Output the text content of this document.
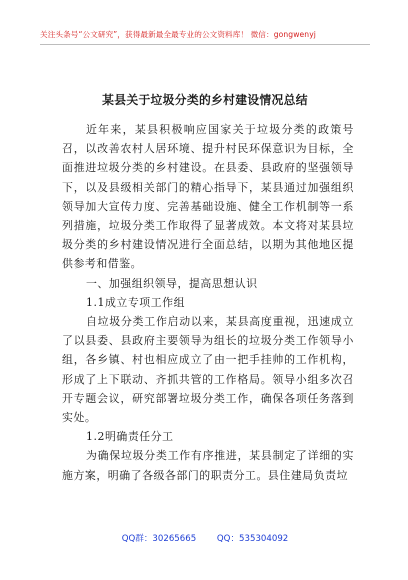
关注头条号“公文研究”，获得最新最全最专业的公文资料库！ 微信：gongwenyj
某县关于垃圾分类的乡村建设情况总结

近年来，某县积极响应国家关于垃圾分类的政策号召，以改善农村人居环境、提升村民环保意识为目标，全面推进垃圾分类的乡村建设。在县委、县政府的坚强领导下，以及县级相关部门的精心指导下，某县通过加强组织领导加大宣传力度、完善基础设施、健全工作机制等一系列措施，垃圾分类工作取得了显著成效。本文将对某县垃圾分类的乡村建设情况进行全面总结，以期为其他地区提供参考和借鉴。

一、加强组织领导，提高思想认识

1.1成立专项工作组

自垃圾分类工作启动以来，某县高度重视，迅速成立了以县委、县政府主要领导为组长的垃圾分类工作领导小组，各乡镇、村也相应成立了由一把手挂帅的工作机构，形成了上下联动、齐抓共管的工作格局。领导小组多次召开专题会议，研究部署垃圾分类工作，确保各项任务落到实处。

1.2明确责任分工

为确保垃圾分类工作有序推进，某县制定了详细的实施方案，明确了各级各部门的职责分工。县住建局负责垃

QQ群：30265665 QQ：535304092
